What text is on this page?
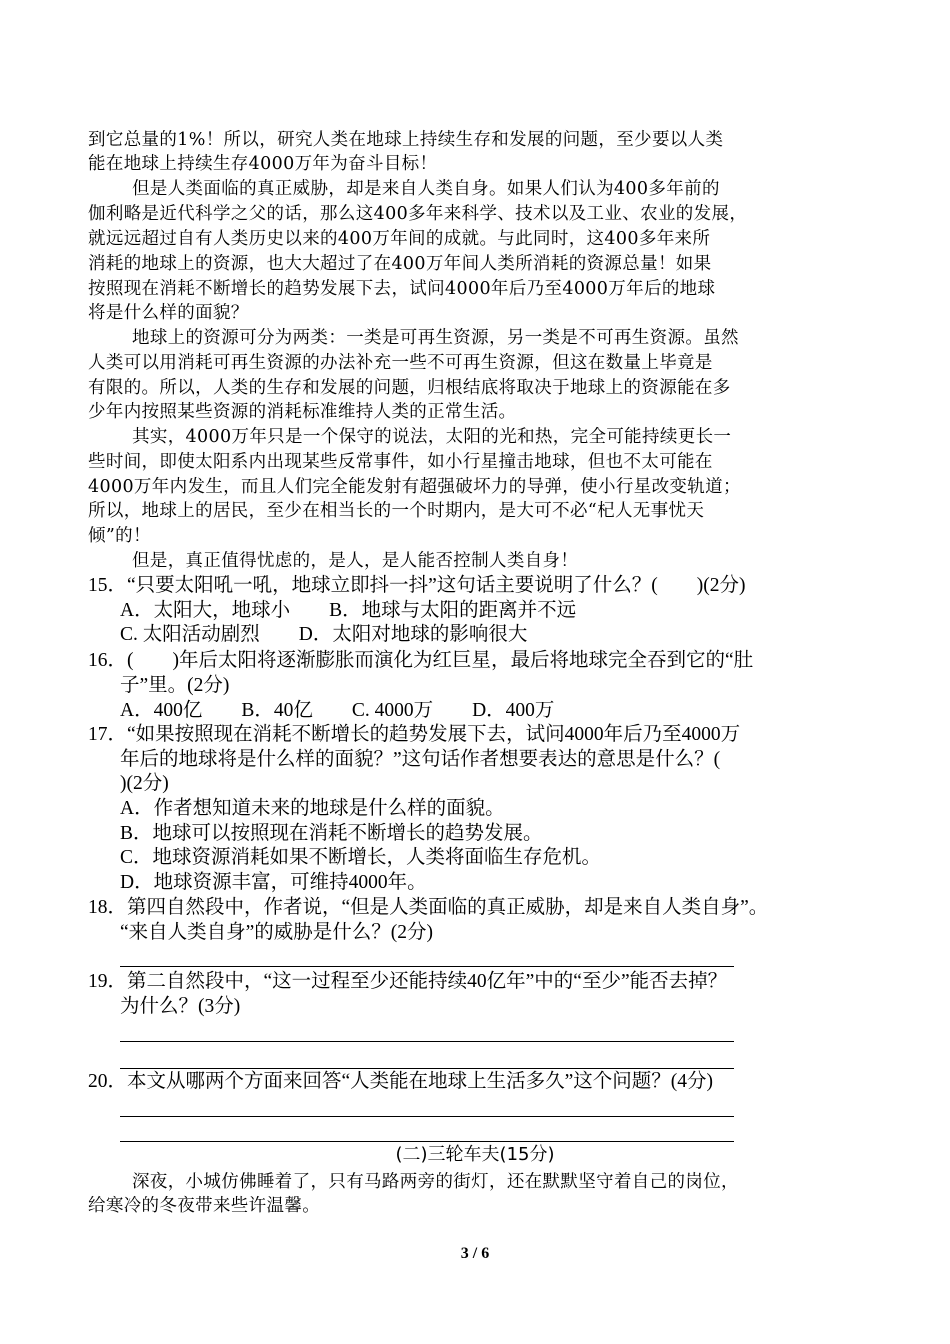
到它总量的1%！所以，研究人类在地球上持续生存和发展的问题，至少要以人类
能在地球上持续生存4000万年为奋斗目标！
但是人类面临的真正威胁，却是来自人类自身。如果人们认为400多年前的
伽利略是近代科学之父的话，那么这400多年来科学、技术以及工业、农业的发展，
就远远超过自有人类历史以来的400万年间的成就。与此同时，这400多年来所
消耗的地球上的资源，也大大超过了在400万年间人类所消耗的资源总量！如果
按照现在消耗不断增长的趋势发展下去，试问4000年后乃至4000万年后的地球
将是什么样的面貌？
地球上的资源可分为两类：一类是可再生资源，另一类是不可再生资源。虽然
人类可以用消耗可再生资源的办法补充一些不可再生资源，但这在数量上毕竟是
有限的。所以，人类的生存和发展的问题，归根结底将取决于地球上的资源能在多
少年内按照某些资源的消耗标准维持人类的正常生活。
其实，4000万年只是一个保守的说法，太阳的光和热，完全可能持续更长一
些时间，即使太阳系内出现某些反常事件，如小行星撞击地球，但也不太可能在
4000万年内发生，而且人们完全能发射有超强破坏力的导弹，使小行星改变轨道；
所以，地球上的居民，至少在相当长的一个时期内，是大可不必“杞人无事忧天
倾”的！
但是，真正值得忧虑的，是人，是人能否控制人类自身！
15．“只要太阳吼一吼，地球立即抖一抖”这句话主要说明了什么？(　　)(2分)
A．太阳大，地球小　　B．地球与太阳的距离并不远
C. 太阳活动剧烈　　D．太阳对地球的影响很大
16．(　　)年后太阳将逐渐膨胀而演化为红巨星，最后将地球完全吞到它的“肚
子”里。(2分)
A．400亿　　B．40亿　　C. 4000万　　D．400万
17．“如果按照现在消耗不断增长的趋势发展下去，试问4000年后乃至4000万
年后的地球将是什么样的面貌？”这句话作者想要表达的意思是什么？(
)(2分)
A．作者想知道未来的地球是什么样的面貌。
B．地球可以按照现在消耗不断增长的趋势发展。
C．地球资源消耗如果不断增长，人类将面临生存危机。
D．地球资源丰富，可维持4000年。
18．第四自然段中，作者说，“但是人类面临的真正威胁，却是来自人类自身”。
“来自人类自身”的威胁是什么？(2分)
19．第二自然段中，“这一过程至少还能持续40亿年”中的“至少”能否去掉？
为什么？(3分)
20．本文从哪两个方面来回答“人类能在地球上生活多久”这个问题？(4分)
(二)三轮车夫(15分)
深夜，小城仿佛睡着了，只有马路两旁的街灯，还在默默坚守着自己的岗位，
给寒冷的冬夜带来些许温馨。
3 / 6
